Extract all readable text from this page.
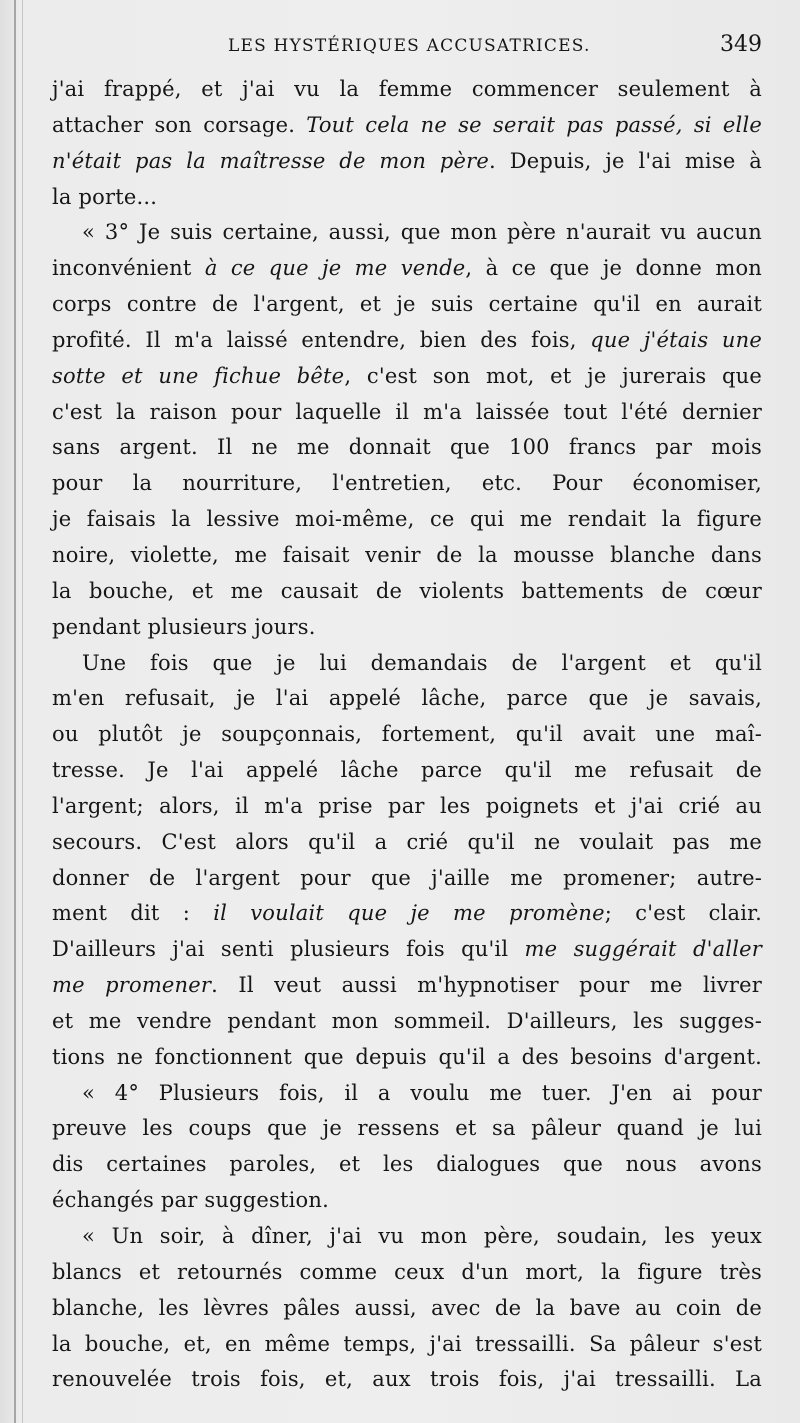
LES HYSTÉRIQUES ACCUSATRICES.	349
j'ai frappé, et j'ai vu la femme commencer seulement à
attacher son corsage. Tout cela ne se serait pas passé, si elle
n'était pas la maîtresse de mon père. Depuis, je l'ai mise à
la porte...
« 3° Je suis certaine, aussi, que mon père n'aurait vu aucun
inconvénient à ce que je me vende, à ce que je donne mon
corps contre de l'argent, et je suis certaine qu'il en aurait
profité. Il m'a laissé entendre, bien des fois, que j'étais une
sotte et une fichue bête, c'est son mot, et je jurerais que
c'est la raison pour laquelle il m'a laissée tout l'été dernier
sans argent. Il ne me donnait que 100 francs par mois
pour la nourriture, l'entretien, etc. Pour économiser,
je faisais la lessive moi-même, ce qui me rendait la figure
noire, violette, me faisait venir de la mousse blanche dans
la bouche, et me causait de violents battements de cœur
pendant plusieurs jours.
Une fois que je lui demandais de l'argent et qu'il
m'en refusait, je l'ai appelé lâche, parce que je savais,
ou plutôt je soupçonnais, fortement, qu'il avait une maî-
tresse. Je l'ai appelé lâche parce qu'il me refusait de
l'argent; alors, il m'a prise par les poignets et j'ai crié au
secours. C'est alors qu'il a crié qu'il ne voulait pas me
donner de l'argent pour que j'aille me promener; autre-
ment dit : il voulait que je me promène; c'est clair.
D'ailleurs j'ai senti plusieurs fois qu'il me suggérait d'aller
me promener. Il veut aussi m'hypnotiser pour me livrer
et me vendre pendant mon sommeil. D'ailleurs, les sugges-
tions ne fonctionnent que depuis qu'il a des besoins d'argent.
« 4° Plusieurs fois, il a voulu me tuer. J'en ai pour
preuve les coups que je ressens et sa pâleur quand je lui
dis certaines paroles, et les dialogues que nous avons
échangés par suggestion.
« Un soir, à dîner, j'ai vu mon père, soudain, les yeux
blancs et retournés comme ceux d'un mort, la figure très
blanche, les lèvres pâles aussi, avec de la bave au coin de
la bouche, et, en même temps, j'ai tressailli. Sa pâleur s'est
renouvelée trois fois, et, aux trois fois, j'ai tressailli. La
